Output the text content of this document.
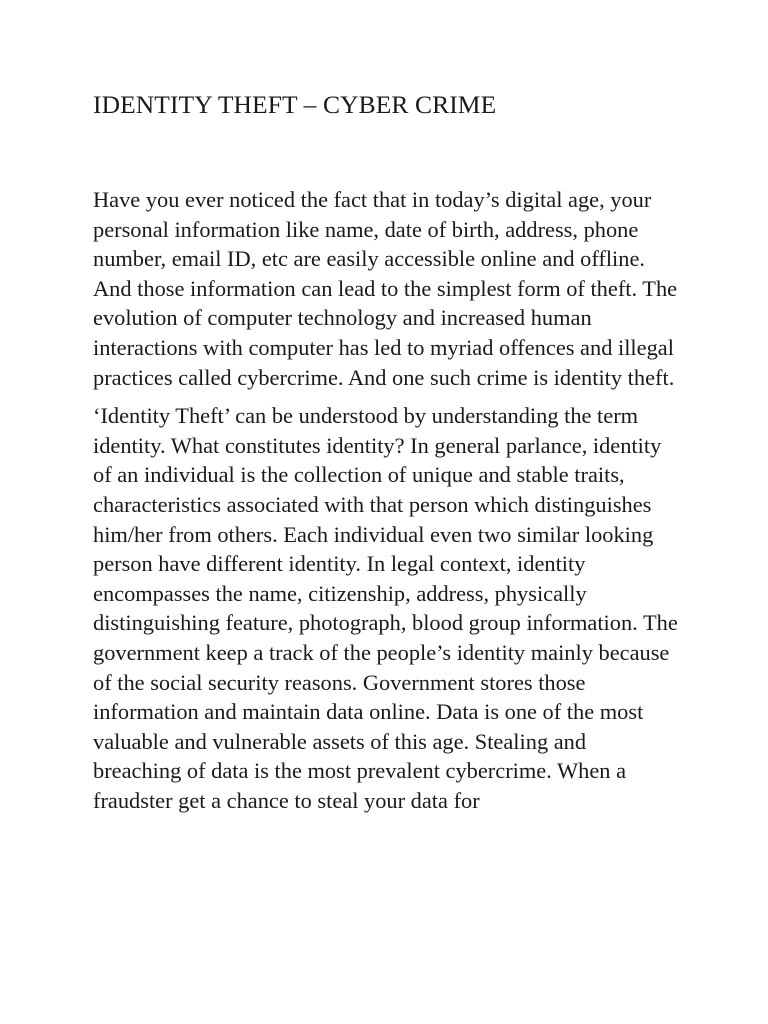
IDENTITY THEFT – CYBER CRIME

Have you ever noticed the fact that in today’s digital age, your personal information like name, date of birth, address, phone number, email ID, etc are easily accessible online and offline. And those information can lead to the simplest form of theft. The evolution of computer technology and increased human interactions with computer has led to myriad offences and illegal practices called cybercrime. And one such crime is identity theft.

‘Identity Theft’ can be understood by understanding the term identity. What constitutes identity? In general parlance, identity of an individual is the collection of unique and stable traits, characteristics associated with that person which distinguishes him/her from others. Each individual even two similar looking person have different identity. In legal context, identity encompasses the name, citizenship, address, physically distinguishing feature, photograph, blood group information. The government keep a track of the people’s identity mainly because of the social security reasons. Government stores those information and maintain data online. Data is one of the most valuable and vulnerable assets of this age. Stealing and breaching of data is the most prevalent cybercrime. When a fraudster get a chance to steal your data for
